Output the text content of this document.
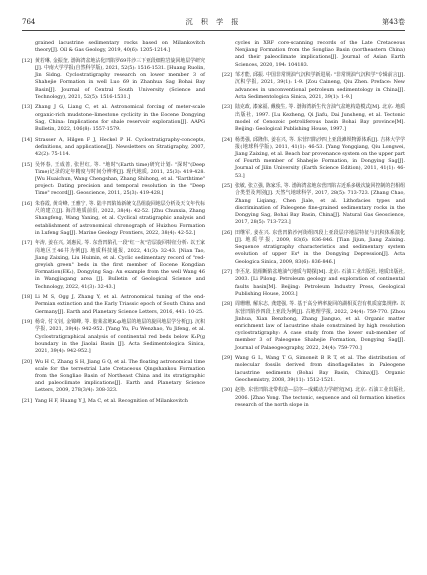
764	沉 积 学 报	第43卷
grained lacustrine sedimentary rocks based on Milankovitch theory[J]. Oil & Gas Geology, 2019, 40(6): 1205-1214.]
[12] 黄若琳, 金振奎, 渤海湾盆地沾化凹陷罗69井沙三下亚段细粒岩旋回地层学研究[J]. 中南大学学报(自然科学版), 2021, 52(5): 1516-1531. [Huang Ruolin, Jin Sidng. Cyclostratigraphy research on lower member 3 of Shahejie Formation in well Luo 69 in Zhanhua Sag Bohai Bay Basin[J]. Journal of Central South University (Science and Technology), 2021, 52(5): 1516-1531.]
[13] Zhang J G, Liang C, et al. Astronomical forcing of meter-scale organic-rich mudstone–limestone cyclicity in the Eocene Dongying Sag, China: Implications for shale reservoir exploration[J]. AAPG Bulletin, 2022, 106(8): 1557-1579.
[14] Strasser A, Hilgen F J, Heckel P H. Cyclostratigraphy-concepts, definitions, and applications[J]. Newsletters on Stratigraphy, 2007, 42(2): 75-114.
[15] 吴怀春, 王成善, 张世红, 等. "地时"(Earth time)研究计划: "深时"(Deep Time)记录的定年精度与时间分辨率[J]. 现代地质, 2011, 25(3): 419-428. [Wu Huaichun, Wang Chengshan, Zhang Shihong, et al. "Earthtime" project: Dating precision and temporal resolution in the "Deep Time" record[J]. Geoscience, 2011, 25(3): 419-428.]
[16] 朱春霞, 黄奇峰, 王雅宁, 等. 陆丰凹陷始新统文昌组旋回地层分析及天文年代标尺的建立[J]. 海洋地质前沿, 2022, 38(4): 42-52. [Zhu Chunxia, Zhang Shangfeng, Wang Yaning, et al. Cyclical stratigraphic analysis and establishment of astronomical chronograph of Huizhou Formation in Lufeng Sag[J]. Marine Geology Frontiers, 2022, 38(4): 42-52.]
[17] 年涛, 姜在兴, 刘惠民, 等. 东营凹陷孔一段"红一灰"岩层旋回特征分析: 以王家岗地区王46井为例[J]. 地质科技通报, 2022, 41(3): 32-43. [Nian Tao, Jiang Zaixing, Liu Huimin, et al. Cyclic sedimentary record of "red-greyish green" beds in the first member of Eocene Kongdian Formation(EK₁), Dongying Sag: An example from the well Wang 46 in Wangjiagang area [J]. Bulletin of Geological Science and Technology, 2022, 41(3): 32-43.]
[18] Li M S, Ogg J, Zhang Y, et al. Astronomical tuning of the end-Permian extinction and the Early Triassic epoch of South China and Germany[J]. Earth and Planetary Science Letters, 2016, 441: 10-25.
[19] 杨奇, 付文钊, 金锦峰, 等. 胶莱盆地K₁p地层的地层的旋回地层学分析[J]. 沉积学报, 2021, 39(4): 942-952. [Yang Yu, Fu Wenzhao, Yu Jifeng, et al. Cyclostratigraphical analysis of continental red beds below K₁P(g boundary in the Jiaolai Basin [J]. Acta Sedimentologica Sinica, 2021, 39(4): 942-952.]
[20] Wu H C, Zhang S H, Jiang G Q, et al. The floating astronomical time scale for the terrestrial Late Cretaceous Qingshankou Formation from the Songliao Basin of Northeast China and its stratigraphic and paleoclimate implications[J]. Earth and Planetary Science Letters, 2009, 278(3/4): 308-323.
[21] Yang H F, Huang Y J, Ma C, et al. Recognition of Milankovitch
cycles in XRF core-scanning records of the Late Cretaceous Nenjiang Formation from the Songliao Basin (northeastern China) and their paleoclimate implications[J]. Journal of Asian Earth Sciences, 2020, 194: 104183.
[22] 邹才能, 邱振. 中国非常规油气沉积学新进展: "非常规油气沉积学"专辑前言[J]. 沉积学报, 2021, 39(1): 1-9. [Zou Caineng, Qiu Zhen. Preface: New advances in unconventional petroleum sedimentology in China[J]. Acta Sedimentologica Sinica, 2021, 39(1): 1-9.]
[23] 陆克政, 漆家福, 戴俊生, 等. 渤海湾新生代含油气盆地构造模式[M]. 北京: 地质出版社, 1997. [Lu Kezheng, Qi Jiafu, Dai Junsheng, et al. Tectonic model of Cenozoic petroliferous basin Bohai Bay province[M]. Beijing: Geological Publishing House, 1997.]
[24] 杨勇强, 邱隆伟, 姜在兴, 等. 东营凹陷沙四上亚段滩坝物源体系[J]. 吉林大学学报(地球科学版), 2011, 41(1): 46-53. [Yang Yongqiang, Qiu Longwei, Jiang Zaixing, et al. Beach bar provenance system on the upper part of Fourth member of Shahejie Formation, in Dongying Sag[J]. Journal of Jilin University (Earth Science Edition), 2011, 41(1): 46-53.]
[25] 张敏, 张立强, 陈家乐, 等. 渤海湾盆地东营凹陷古近系多级次旋回控制的岩相组合类型及判别[J]. 天然气地球科学, 2017, 28(5): 713-723. [Zhang Chao, Zhang Liqiang, Chen Jiale, et al. Lithofacies types and discrimination of Paleogene fine-grained sedimentary rocks in the Dongying Sag, Bohai Bay Basin, China[J]. Natural Gas Geoscience, 2017, 28(5): 713-723.]
[26] 田继军, 姜在兴. 东营凹陷沙河街组四段上亚段层序地层特征与沉积体系演化[J]. 地质学报, 2009, 83(6): 836-846. [Tian Jijun, Jiang Zaixing. Sequence stratigraphy characteristics and sedimentary system evolution of upper Es⁴ in the Dongying Depression[J]. Acta Geologica Sinica, 2009, 83(6): 836-846.]
[27] 李丕龙. 陆相断陷盆地油气地质与勘探[M]. 北京: 石油工业出版社, 地质出版社, 2003. [Li Pilong. Petroleum geology and exploration of continental faults basin[M]. Beijing: Petroleum Industry Press, Geological Publishing House, 2003.]
[28] 周珊珊, 解东志, 龚建强, 等. 基于高分辨率旋回的湖相页岩有机质富集规律: 以东营凹陷沙四段上亚段为例[J]. 古地理学报, 2022, 24(4): 759-770. [Zhou Jinhua, Xian Benzhong, Zhang Jianguo, et al. Organic matter enrichment law of lacustrine shale constrained by high resolution cyclostratigraphy: A case study from the lower sub-member of member 3 of Paleogene Shahejie Formation, Dongying Sag[J]. Journal of Palaeogeography, 2022, 24(4): 759-770.]
[29] Wang G L, Wang T G, Simoneit B R T, et al. The distribution of molecular fossils derived from dinoflagellates in Paleogene lacustrine sediments (Bohai Bay Basin, China)[J]. Organic Geochemistry, 2008, 39(11): 1512-1521.
[30] 赵艳. 东营凹陷北带构造—层序—成藏动力学研究[M]. 北京: 石油工业出版社, 2006. [Zhao Yong. The tectonic, sequence and oil formation kinetics research of the north slope in
